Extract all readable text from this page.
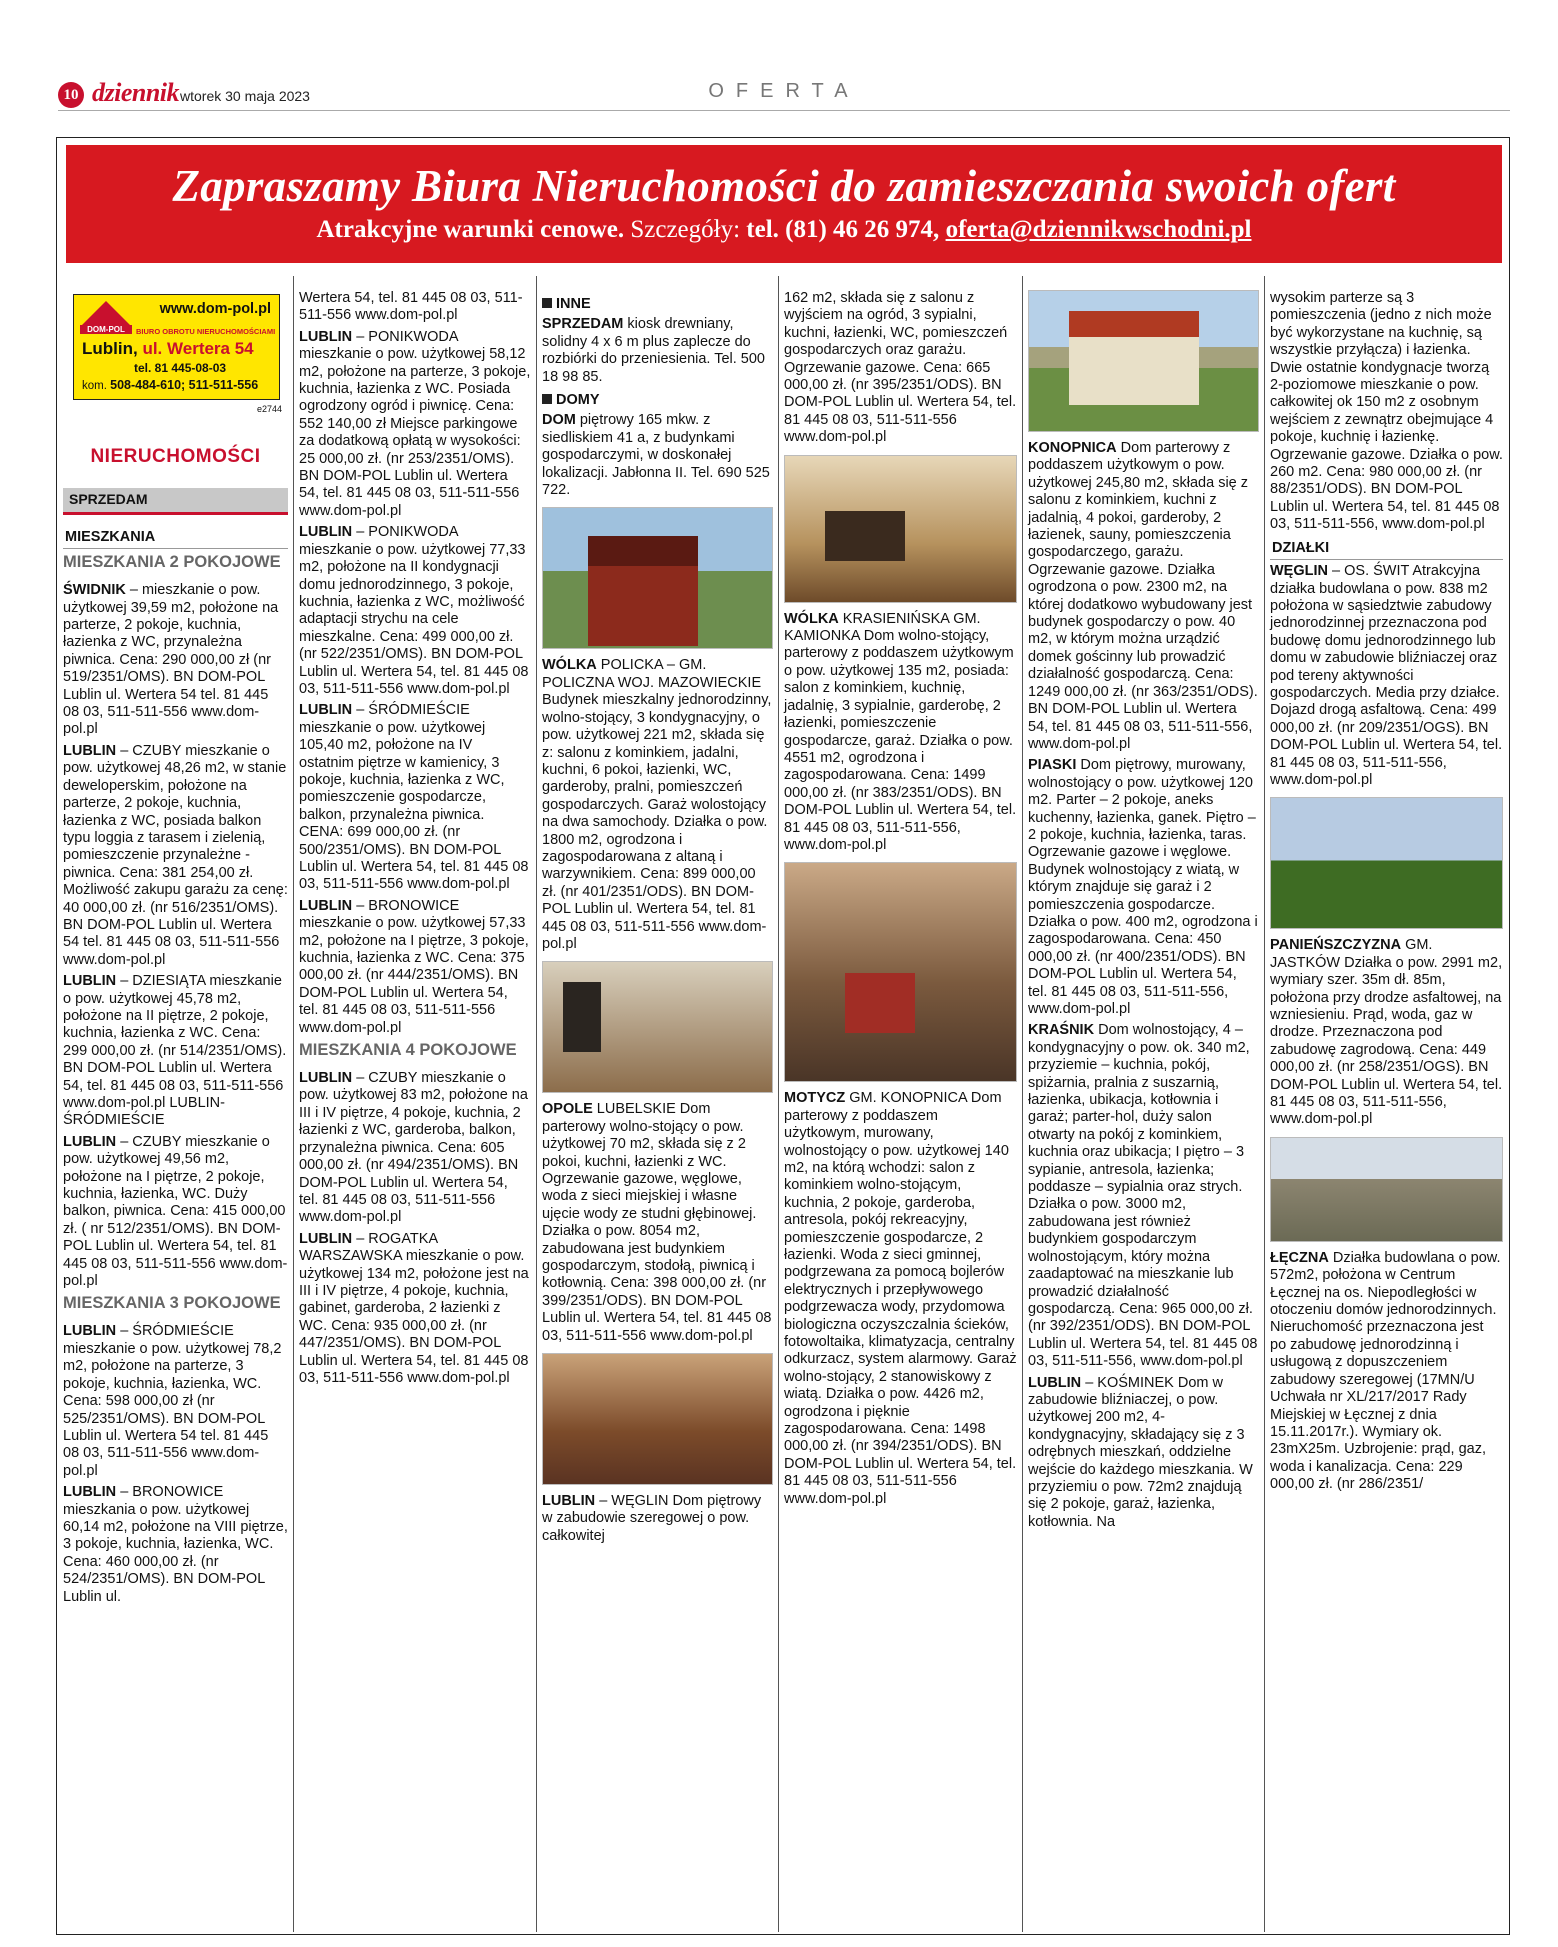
10 dziennik wtorek 30 maja 2023	OFERTA
Zapraszamy Biura Nieruchomości do zamieszczania swoich ofert
Atrakcyjne warunki cenowe. Szczegóły: tel. (81) 46 26 974, oferta@dziennikwschodni.pl
DOM-POL
www.dom-pol.pl
BIURO OBROTU NIERUCHOMOŚCIAMI
Lublin, ul. Wertera 54
tel. 81 445-08-03
kom. 508-484-610; 511-511-556
e2744
NIERUCHOMOŚCI
SPRZEDAM
MIESZKANIA
MIESZKANIA 2 POKOJOWE

ŚWIDNIK – mieszkanie o pow. użytkowej 39,59 m2, położone na parterze, 2 pokoje, kuchnia, łazienka z WC, przynależna piwnica. Cena: 290 000,00 zł (nr 519/2351/OMS). BN DOM-POL Lublin ul. Wertera 54 tel. 81 445 08 03, 511-511-556 www.dom-pol.pl

LUBLIN – CZUBY mieszkanie o pow. użytkowej 48,26 m2, w stanie deweloperskim, położone na parterze, 2 pokoje, kuchnia, łazienka z WC, posiada balkon typu loggia z tarasem i zielenią, pomieszczenie przynależne - piwnica. Cena: 381 254,00 zł. Możliwość zakupu garażu za cenę: 40 000,00 zł. (nr 516/2351/OMS). BN DOM-POL Lublin ul. Wertera 54 tel. 81 445 08 03, 511-511-556 www.dom-pol.pl

LUBLIN – DZIESIĄTA mieszkanie o pow. użytkowej 45,78 m2, położone na II piętrze, 2 pokoje, kuchnia, łazienka z WC. Cena: 299 000,00 zł. (nr 514/2351/OMS). BN DOM-POL Lublin ul. Wertera 54, tel. 81 445 08 03, 511-511-556 www.dom-pol.pl LUBLIN- ŚRÓDMIEŚCIE

LUBLIN – CZUBY mieszkanie o pow. użytkowej 49,56 m2, położone na I piętrze, 2 pokoje, kuchnia, łazienka, WC. Duży balkon, piwnica. Cena: 415 000,00 zł. ( nr 512/2351/OMS). BN DOM-POL Lublin ul. Wertera 54, tel. 81 445 08 03, 511-511-556 www.dom-pol.pl

MIESZKANIA 3 POKOJOWE

LUBLIN – ŚRÓDMIEŚCIE mieszkanie o pow. użytkowej 78,2 m2, położone na parterze, 3 pokoje, kuchnia, łazienka, WC. Cena: 598 000,00 zł (nr 525/2351/OMS). BN DOM-POL Lublin ul. Wertera 54 tel. 81 445 08 03, 511-511-556 www.dom-pol.pl

LUBLIN – BRONOWICE mieszkania o pow. użytkowej 60,14 m2, położone na VIII piętrze, 3 pokoje, kuchnia, łazienka, WC. Cena: 460 000,00 zł. (nr 524/2351/OMS). BN DOM-POL Lublin ul.

Wertera 54, tel. 81 445 08 03, 511-511-556 www.dom-pol.pl

LUBLIN – PONIKWODA mieszkanie o pow. użytkowej 58,12 m2, położone na parterze, 3 pokoje, kuchnia, łazienka z WC. Posiada ogrodzony ogród i piwnicę. Cena: 552 140,00 zł Miejsce parkingowe za dodatkową opłatą w wysokości: 25 000,00 zł. (nr 253/2351/OMS). BN DOM-POL Lublin ul. Wertera 54, tel. 81 445 08 03, 511-511-556 www.dom-pol.pl

LUBLIN – PONIKWODA mieszkanie o pow. użytkowej 77,33 m2, położone na II kondygnacji domu jednorodzinnego, 3 pokoje, kuchnia, łazienka z WC, możliwość adaptacji strychu na cele mieszkalne. Cena: 499 000,00 zł. (nr 522/2351/OMS). BN DOM-POL Lublin ul. Wertera 54, tel. 81 445 08 03, 511-511-556 www.dom-pol.pl

LUBLIN – ŚRÓDMIEŚCIE mieszkanie o pow. użytkowej 105,40 m2, położone na IV ostatnim piętrze w kamienicy, 3 pokoje, kuchnia, łazienka z WC, pomieszczenie gospodarcze, balkon, przynależna piwnica. CENA: 699 000,00 zł. (nr 500/2351/OMS). BN DOM-POL Lublin ul. Wertera 54, tel. 81 445 08 03, 511-511-556 www.dom-pol.pl

LUBLIN – BRONOWICE mieszkanie o pow. użytkowej 57,33 m2, położone na I piętrze, 3 pokoje, kuchnia, łazienka z WC. Cena: 375 000,00 zł. (nr 444/2351/OMS). BN DOM-POL Lublin ul. Wertera 54, tel. 81 445 08 03, 511-511-556 www.dom-pol.pl

MIESZKANIA 4 POKOJOWE

LUBLIN – CZUBY mieszkanie o pow. użytkowej 83 m2, położone na III i IV piętrze, 4 pokoje, kuchnia, 2 łazienki z WC, garderoba, balkon, przynależna piwnica. Cena: 605 000,00 zł. (nr 494/2351/OMS). BN DOM-POL Lublin ul. Wertera 54, tel. 81 445 08 03, 511-511-556 www.dom-pol.pl

LUBLIN – ROGATKA WARSZAWSKA mieszkanie o pow. użytkowej 134 m2, położone jest na III i IV piętrze, 4 pokoje, kuchnia, gabinet, garderoba, 2 łazienki z WC. Cena: 935 000,00 zł. (nr 447/2351/OMS). BN DOM-POL Lublin ul. Wertera 54, tel. 81 445 08 03, 511-511-556 www.dom-pol.pl

INNE

SPRZEDAM kiosk drewniany, solidny 4 x 6 m plus zaplecze do rozbiórki do przeniesienia. Tel. 500 18 98 85.

DOMY

DOM piętrowy 165 mkw. z siedliskiem 41 a, z budynkami gospodarczymi, w doskonałej lokalizacji. Jabłonna II. Tel. 690 525 722.

WÓLKA POLICKA – GM. POLICZNA WOJ. MAZOWIECKIE Budynek mieszkalny jednorodzinny, wolno-stojący, 3 kondygnacyjny, o pow. użytkowej 221 m2, składa się z: salonu z kominkiem, jadalni, kuchni, 6 pokoi, łazienki, WC, garderoby, pralni, pomieszczeń gospodarczych. Garaż wolostojący na dwa samochody. Działka o pow. 1800 m2, ogrodzona i zagospodarowana z altaną i warzywnikiem. Cena: 899 000,00 zł. (nr 401/2351/ODS). BN DOM-POL Lublin ul. Wertera 54, tel. 81 445 08 03, 511-511-556 www.dom-pol.pl

OPOLE LUBELSKIE Dom parterowy wolno-stojący o pow. użytkowej 70 m2, składa się z 2 pokoi, kuchni, łazienki z WC. Ogrzewanie gazowe, węglowe, woda z sieci miejskiej i własne ujęcie wody ze studni głębinowej. Działka o pow. 8054 m2, zabudowana jest budynkiem gospodarczym, stodołą, piwnicą i kotłownią. Cena: 398 000,00 zł. (nr 399/2351/ODS). BN DOM-POL Lublin ul. Wertera 54, tel. 81 445 08 03, 511-511-556 www.dom-pol.pl

LUBLIN – WĘGLIN Dom piętrowy w zabudowie szeregowej o pow. całkowitej

162 m2, składa się z salonu z wyjściem na ogród, 3 sypialni, kuchni, łazienki, WC, pomieszczeń gospodarczych oraz garażu. Ogrzewanie gazowe. Cena: 665 000,00 zł. (nr 395/2351/ODS). BN DOM-POL Lublin ul. Wertera 54, tel. 81 445 08 03, 511-511-556 www.dom-pol.pl

WÓLKA KRASIENIŃSKA GM. KAMIONKA Dom wolno-stojący, parterowy z poddaszem użytkowym o pow. użytkowej 135 m2, posiada: salon z kominkiem, kuchnię, jadalnię, 3 sypialnie, garderobę, 2 łazienki, pomieszczenie gospodarcze, garaż. Działka o pow. 4551 m2, ogrodzona i zagospodarowana. Cena: 1499 000,00 zł. (nr 383/2351/ODS). BN DOM-POL Lublin ul. Wertera 54, tel. 81 445 08 03, 511-511-556, www.dom-pol.pl

MOTYCZ GM. KONOPNICA Dom parterowy z poddaszem użytkowym, murowany, wolnostojący o pow. użytkowej 140 m2, na którą wchodzi: salon z kominkiem wolno-stojącym, kuchnia, 2 pokoje, garderoba, antresola, pokój rekreacyjny, pomieszczenie gospodarcze, 2 łazienki. Woda z sieci gminnej, podgrzewana za pomocą bojlerów elektrycznych i przepływowego podgrzewacza wody, przydomowa biologiczna oczyszczalnia ścieków, fotowoltaika, klimatyzacja, centralny odkurzacz, system alarmowy. Garaż wolno-stojący, 2 stanowiskowy z wiatą. Działka o pow. 4426 m2, ogrodzona i pięknie zagospodarowana. Cena: 1498 000,00 zł. (nr 394/2351/ODS). BN DOM-POL Lublin ul. Wertera 54, tel. 81 445 08 03, 511-511-556 www.dom-pol.pl

KONOPNICA Dom parterowy z poddaszem użytkowym o pow. użytkowej 245,80 m2, składa się z salonu z kominkiem, kuchni z jadalnią, 4 pokoi, garderoby, 2 łazienek, sauny, pomieszczenia gospodarczego, garażu. Ogrzewanie gazowe. Działka ogrodzona o pow. 2300 m2, na której dodatkowo wybudowany jest budynek gospodarczy o pow. 40 m2, w którym można urządzić domek gościnny lub prowadzić działalność gospodarczą. Cena: 1249 000,00 zł. (nr 363/2351/ODS). BN DOM-POL Lublin ul. Wertera 54, tel. 81 445 08 03, 511-511-556, www.dom-pol.pl

PIASKI Dom piętrowy, murowany, wolnostojący o pow. użytkowej 120 m2. Parter – 2 pokoje, aneks kuchenny, łazienka, ganek. Piętro – 2 pokoje, kuchnia, łazienka, taras. Ogrzewanie gazowe i węglowe. Budynek wolnostojący z wiatą, w którym znajduje się garaż i 2 pomieszczenia gospodarcze. Działka o pow. 400 m2, ogrodzona i zagospodarowana. Cena: 450 000,00 zł. (nr 400/2351/ODS). BN DOM-POL Lublin ul. Wertera 54, tel. 81 445 08 03, 511-511-556, www.dom-pol.pl

KRAŚNIK Dom wolnostojący, 4 – kondygnacyjny o pow. ok. 340 m2, przyziemie – kuchnia, pokój, spiżarnia, pralnia z suszarnią, łazienka, ubikacja, kotłownia i garaż; parter-hol, duży salon otwarty na pokój z kominkiem, kuchnia oraz ubikacja; I piętro – 3 sypianie, antresola, łazienka; poddasze – sypialnia oraz strych. Działka o pow. 3000 m2, zabudowana jest również budynkiem gospodarczym wolnostojącym, który można zaadaptować na mieszkanie lub prowadzić działalność gospodarczą. Cena: 965 000,00 zł. (nr 392/2351/ODS). BN DOM-POL Lublin ul. Wertera 54, tel. 81 445 08 03, 511-511-556, www.dom-pol.pl

LUBLIN – KOŚMINEK Dom w zabudowie bliźniaczej, o pow. użytkowej 200 m2, 4-kondygnacyjny, składający się z 3 odrębnych mieszkań, oddzielne wejście do każdego mieszkania. W przyziemiu o pow. 72m2 znajdują się 2 pokoje, garaż, łazienka, kotłownia. Na

wysokim parterze są 3 pomieszczenia (jedno z nich może być wykorzystane na kuchnię, są wszystkie przyłącza) i łazienka. Dwie ostatnie kondygnacje tworzą 2-poziomowe mieszkanie o pow. całkowitej ok 150 m2 z osobnym wejściem z zewnątrz obejmujące 4 pokoje, kuchnię i łazienkę. Ogrzewanie gazowe. Działka o pow. 260 m2. Cena: 980 000,00 zł. (nr 88/2351/ODS). BN DOM-POL Lublin ul. Wertera 54, tel. 81 445 08 03, 511-511-556, www.dom-pol.pl

DZIAŁKI

WĘGLIN – OS. ŚWIT Atrakcyjna działka budowlana o pow. 838 m2 położona w sąsiedztwie zabudowy jednorodzinnej przeznaczona pod budowę domu jednorodzinnego lub domu w zabudowie bliźniaczej oraz pod tereny aktywności gospodarczych. Media przy działce. Dojazd drogą asfaltową. Cena: 499 000,00 zł. (nr 209/2351/OGS). BN DOM-POL Lublin ul. Wertera 54, tel. 81 445 08 03, 511-511-556, www.dom-pol.pl

PANIEŃSZCZYZNA GM. JASTKÓW Działka o pow. 2991 m2, wymiary szer. 35m dł. 85m, położona przy drodze asfaltowej, na wzniesieniu. Prąd, woda, gaz w drodze. Przeznaczona pod zabudowę zagrodową. Cena: 449 000,00 zł. (nr 258/2351/OGS). BN DOM-POL Lublin ul. Wertera 54, tel. 81 445 08 03, 511-511-556, www.dom-pol.pl

ŁĘCZNA Działka budowlana o pow. 572m2, położona w Centrum Łęcznej na os. Niepodległości w otoczeniu domów jednorodzinnych. Nieruchomość przeznaczona jest po zabudowę jednorodzinną i usługową z dopuszczeniem zabudowy szeregowej (17MN/U Uchwała nr XL/217/2017 Rady Miejskiej w Łęcznej z dnia 15.11.2017r.). Wymiary ok. 23mX25m. Uzbrojenie: prąd, gaz, woda i kanalizacja. Cena: 229 000,00 zł. (nr 286/2351/
